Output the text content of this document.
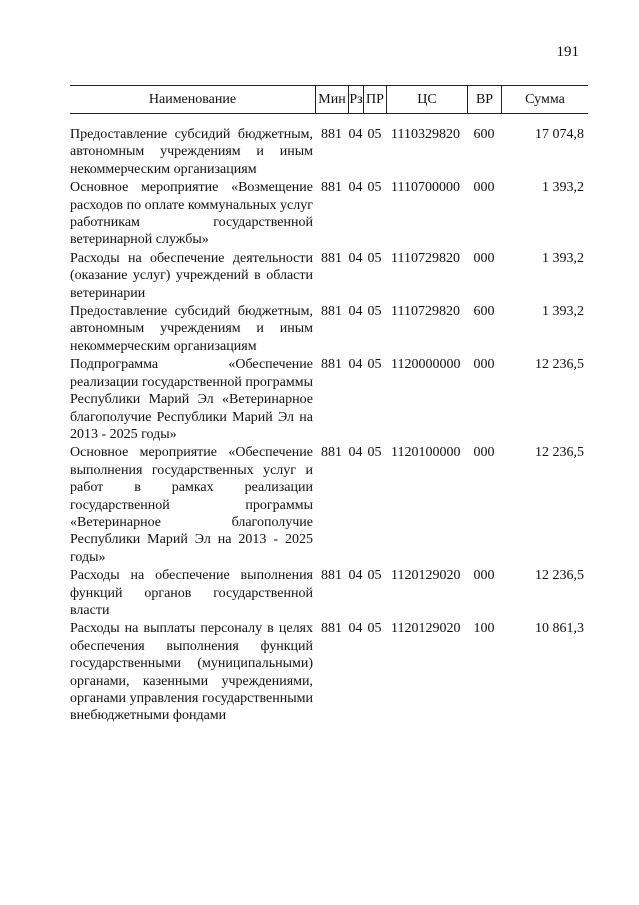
191
Наименование	Мин Рз ПР	ЦС	ВР	Сумма
Предоставление субсидий бюджетным, автономным учреждениям и иным некоммерческим организациям
881 04 05 1110329820 600	17 074,8
Основное мероприятие «Возмещение расходов по оплате коммунальных услуг работникам государственной ветеринарной службы»
881 04 05 1110700000 000	1 393,2
Расходы на обеспечение деятельности (оказание услуг) учреждений в области ветеринарии
881 04 05 1110729820 000	1 393,2
Предоставление субсидий бюджетным, автономным учреждениям и иным некоммерческим организациям
881 04 05 1110729820 600	1 393,2
Подпрограмма «Обеспечение реализации государственной программы Республики Марий Эл «Ветеринарное благополучие Республики Марий Эл на 2013 - 2025 годы»
881 04 05 1120000000 000	12 236,5
Основное мероприятие «Обеспечение выполнения государственных услуг и работ в рамках реализации государственной программы «Ветеринарное благополучие Республики Марий Эл на 2013 - 2025 годы»
881 04 05 1120100000 000	12 236,5
Расходы на обеспечение выполнения функций органов государственной власти
881 04 05 1120129020 000	12 236,5
Расходы на выплаты персоналу в целях обеспечения выполнения функций государственными (муниципальными) органами, казенными учреждениями, органами управления государственными внебюджетными фондами
881 04 05 1120129020 100	10 861,3
